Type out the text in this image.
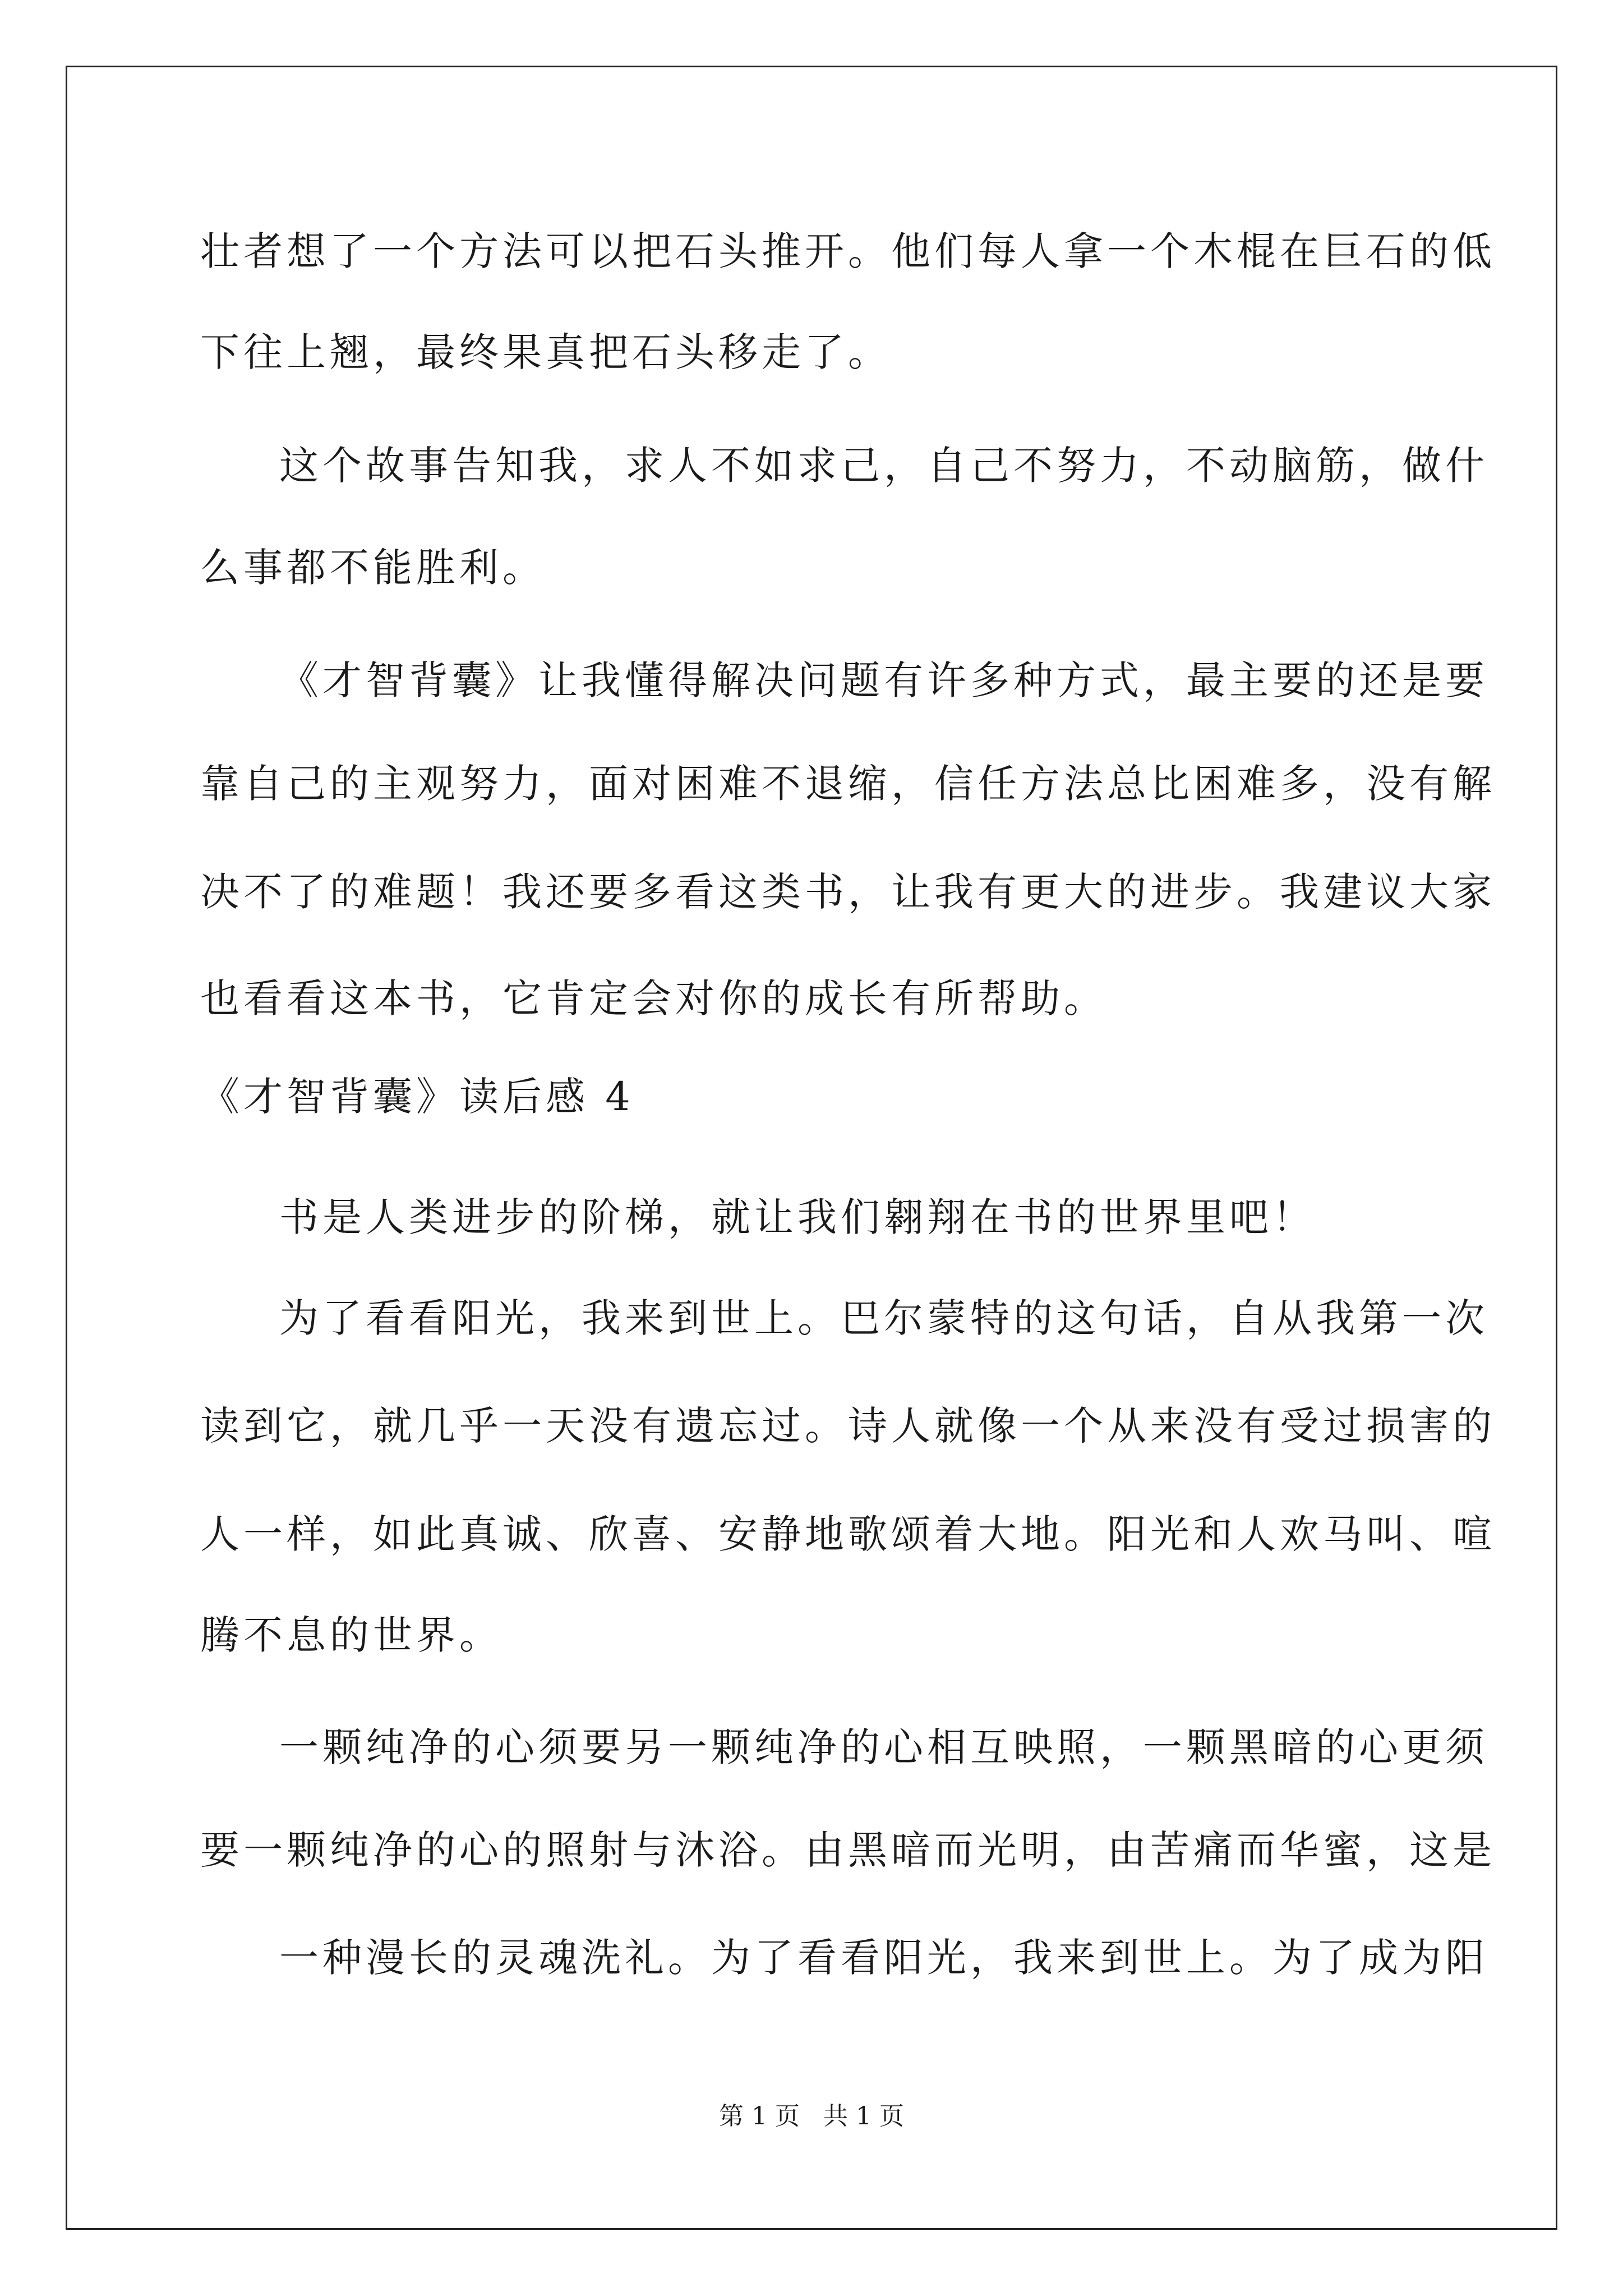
壮者想了一个方法可以把石头推开。他们每人拿一个木棍在巨石的低
下往上翘，最终果真把石头移走了。
这个故事告知我，求人不如求己，自己不努力，不动脑筋，做什
么事都不能胜利。
《才智背囊》让我懂得解决问题有许多种方式，最主要的还是要
靠自己的主观努力，面对困难不退缩，信任方法总比困难多，没有解
决不了的难题！我还要多看这类书，让我有更大的进步。我建议大家
也看看这本书，它肯定会对你的成长有所帮助。
《才智背囊》读后感 4
书是人类进步的阶梯，就让我们翱翔在书的世界里吧！
为了看看阳光，我来到世上。巴尔蒙特的这句话，自从我第一次
读到它，就几乎一天没有遗忘过。诗人就像一个从来没有受过损害的
人一样，如此真诚、欣喜、安静地歌颂着大地。阳光和人欢马叫、喧
腾不息的世界。
一颗纯净的心须要另一颗纯净的心相互映照，一颗黑暗的心更须
要一颗纯净的心的照射与沐浴。由黑暗而光明，由苦痛而华蜜，这是
一种漫长的灵魂洗礼。为了看看阳光，我来到世上。为了成为阳
第 1 页   共 1 页
